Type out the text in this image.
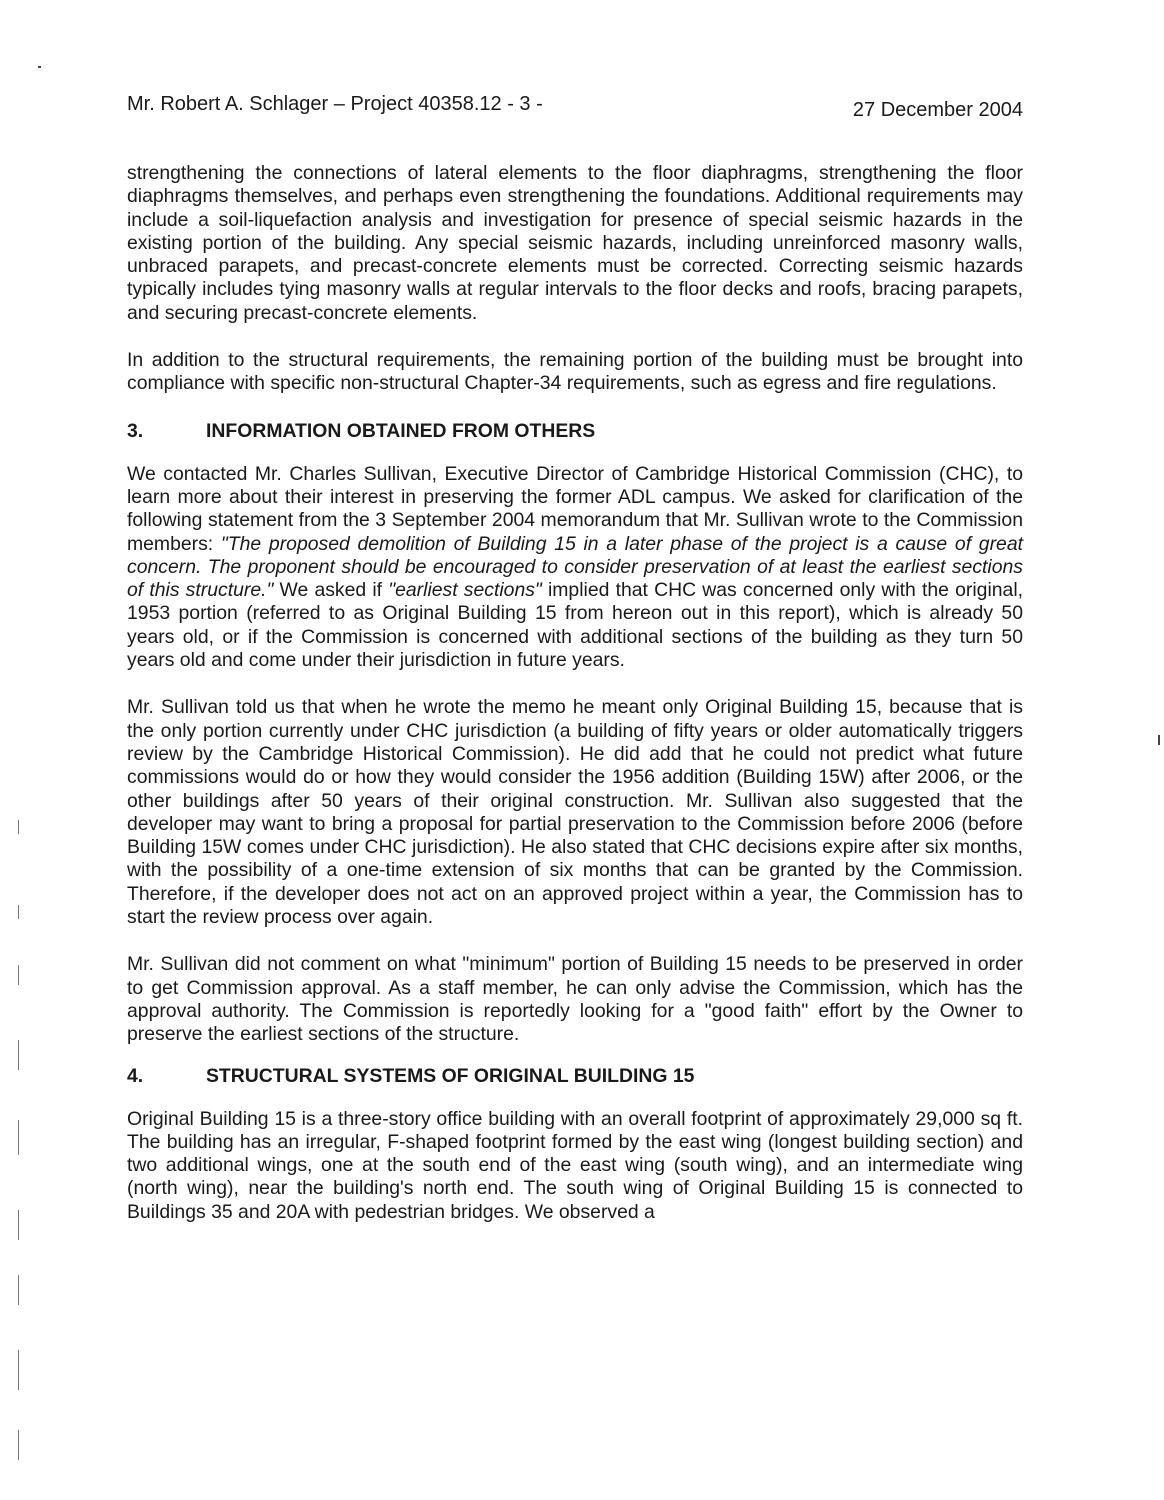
Mr. Robert A. Schlager – Project 40358.12 - 3 -	27 December 2004

strengthening the connections of lateral elements to the floor diaphragms, strengthening the floor diaphragms themselves, and perhaps even strengthening the foundations. Additional requirements may include a soil-liquefaction analysis and investigation for presence of special seismic hazards in the existing portion of the building. Any special seismic hazards, including unreinforced masonry walls, unbraced parapets, and precast-concrete elements must be corrected. Correcting seismic hazards typically includes tying masonry walls at regular intervals to the floor decks and roofs, bracing parapets, and securing precast-concrete elements.

In addition to the structural requirements, the remaining portion of the building must be brought into compliance with specific non-structural Chapter-34 requirements, such as egress and fire regulations.

3.	INFORMATION OBTAINED FROM OTHERS

We contacted Mr. Charles Sullivan, Executive Director of Cambridge Historical Commission (CHC), to learn more about their interest in preserving the former ADL campus. We asked for clarification of the following statement from the 3 September 2004 memorandum that Mr. Sullivan wrote to the Commission members: "The proposed demolition of Building 15 in a later phase of the project is a cause of great concern. The proponent should be encouraged to consider preservation of at least the earliest sections of this structure." We asked if "earliest sections" implied that CHC was concerned only with the original, 1953 portion (referred to as Original Building 15 from hereon out in this report), which is already 50 years old, or if the Commission is concerned with additional sections of the building as they turn 50 years old and come under their jurisdiction in future years.

Mr. Sullivan told us that when he wrote the memo he meant only Original Building 15, because that is the only portion currently under CHC jurisdiction (a building of fifty years or older automatically triggers review by the Cambridge Historical Commission). He did add that he could not predict what future commissions would do or how they would consider the 1956 addition (Building 15W) after 2006, or the other buildings after 50 years of their original construction. Mr. Sullivan also suggested that the developer may want to bring a proposal for partial preservation to the Commission before 2006 (before Building 15W comes under CHC jurisdiction). He also stated that CHC decisions expire after six months, with the possibility of a one-time extension of six months that can be granted by the Commission. Therefore, if the developer does not act on an approved project within a year, the Commission has to start the review process over again.

Mr. Sullivan did not comment on what "minimum" portion of Building 15 needs to be preserved in order to get Commission approval. As a staff member, he can only advise the Commission, which has the approval authority. The Commission is reportedly looking for a "good faith" effort by the Owner to preserve the earliest sections of the structure.

4.	STRUCTURAL SYSTEMS OF ORIGINAL BUILDING 15

Original Building 15 is a three-story office building with an overall footprint of approximately 29,000 sq ft. The building has an irregular, F-shaped footprint formed by the east wing (longest building section) and two additional wings, one at the south end of the east wing (south wing), and an intermediate wing (north wing), near the building's north end. The south wing of Original Building 15 is connected to Buildings 35 and 20A with pedestrian bridges. We observed a
